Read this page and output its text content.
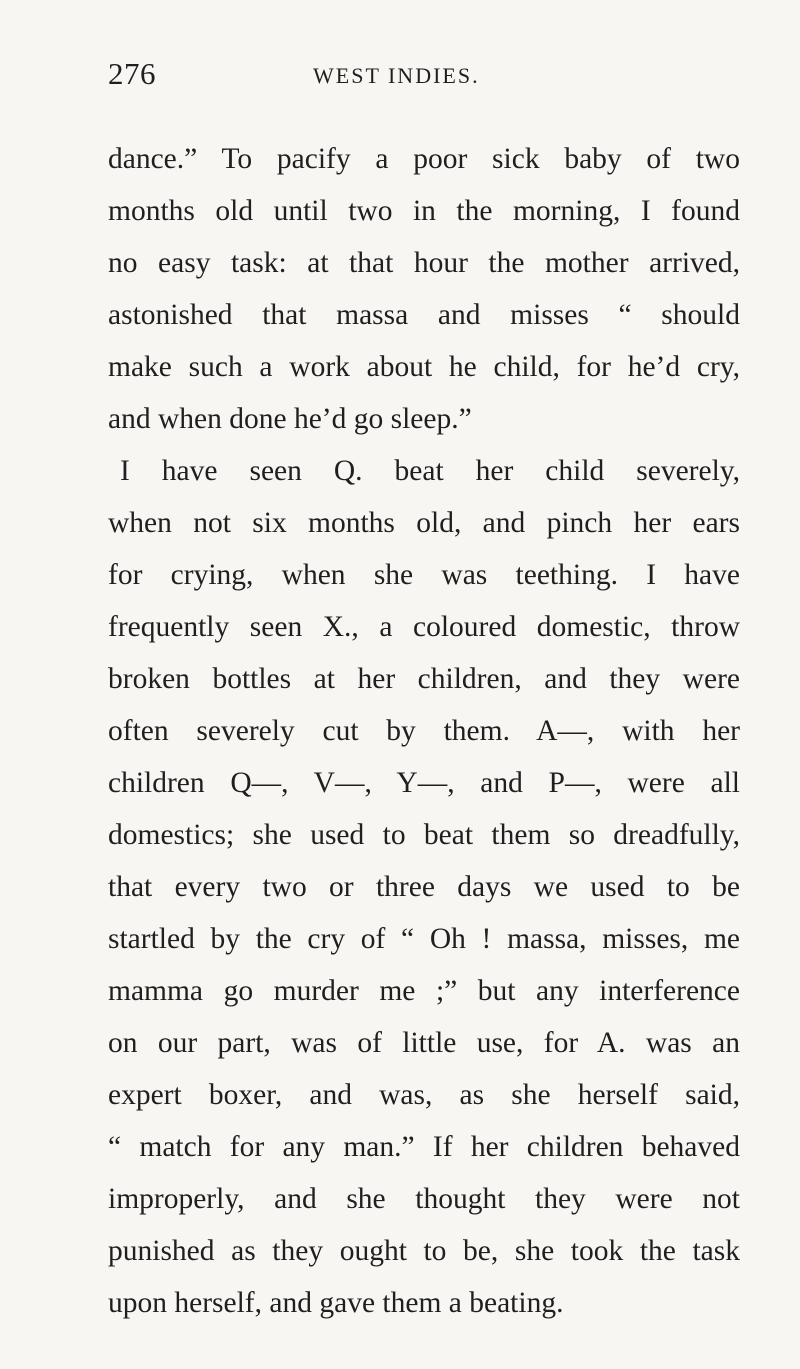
276	WEST INDIES.
dance.” To pacify a poor sick baby of two
months old until two in the morning, I found
no easy task: at that hour the mother arrived,
astonished that massa and misses “ should
make such a work about he child, for he’d cry,
and when done he’d go sleep.”
I have seen Q. beat her child severely,
when not six months old, and pinch her ears
for crying, when she was teething. I have
frequently seen X., a coloured domestic, throw
broken bottles at her children, and they were
often severely cut by them. A—, with her
children Q—, V—, Y—, and P—, were all
domestics; she used to beat them so dreadfully,
that every two or three days we used to be
startled by the cry of “ Oh ! massa, misses, me
mamma go murder me ;” but any interference
on our part, was of little use, for A. was an
expert boxer, and was, as she herself said,
“ match for any man.” If her children behaved
improperly, and she thought they were not
punished as they ought to be, she took the task
upon herself, and gave them a beating.
